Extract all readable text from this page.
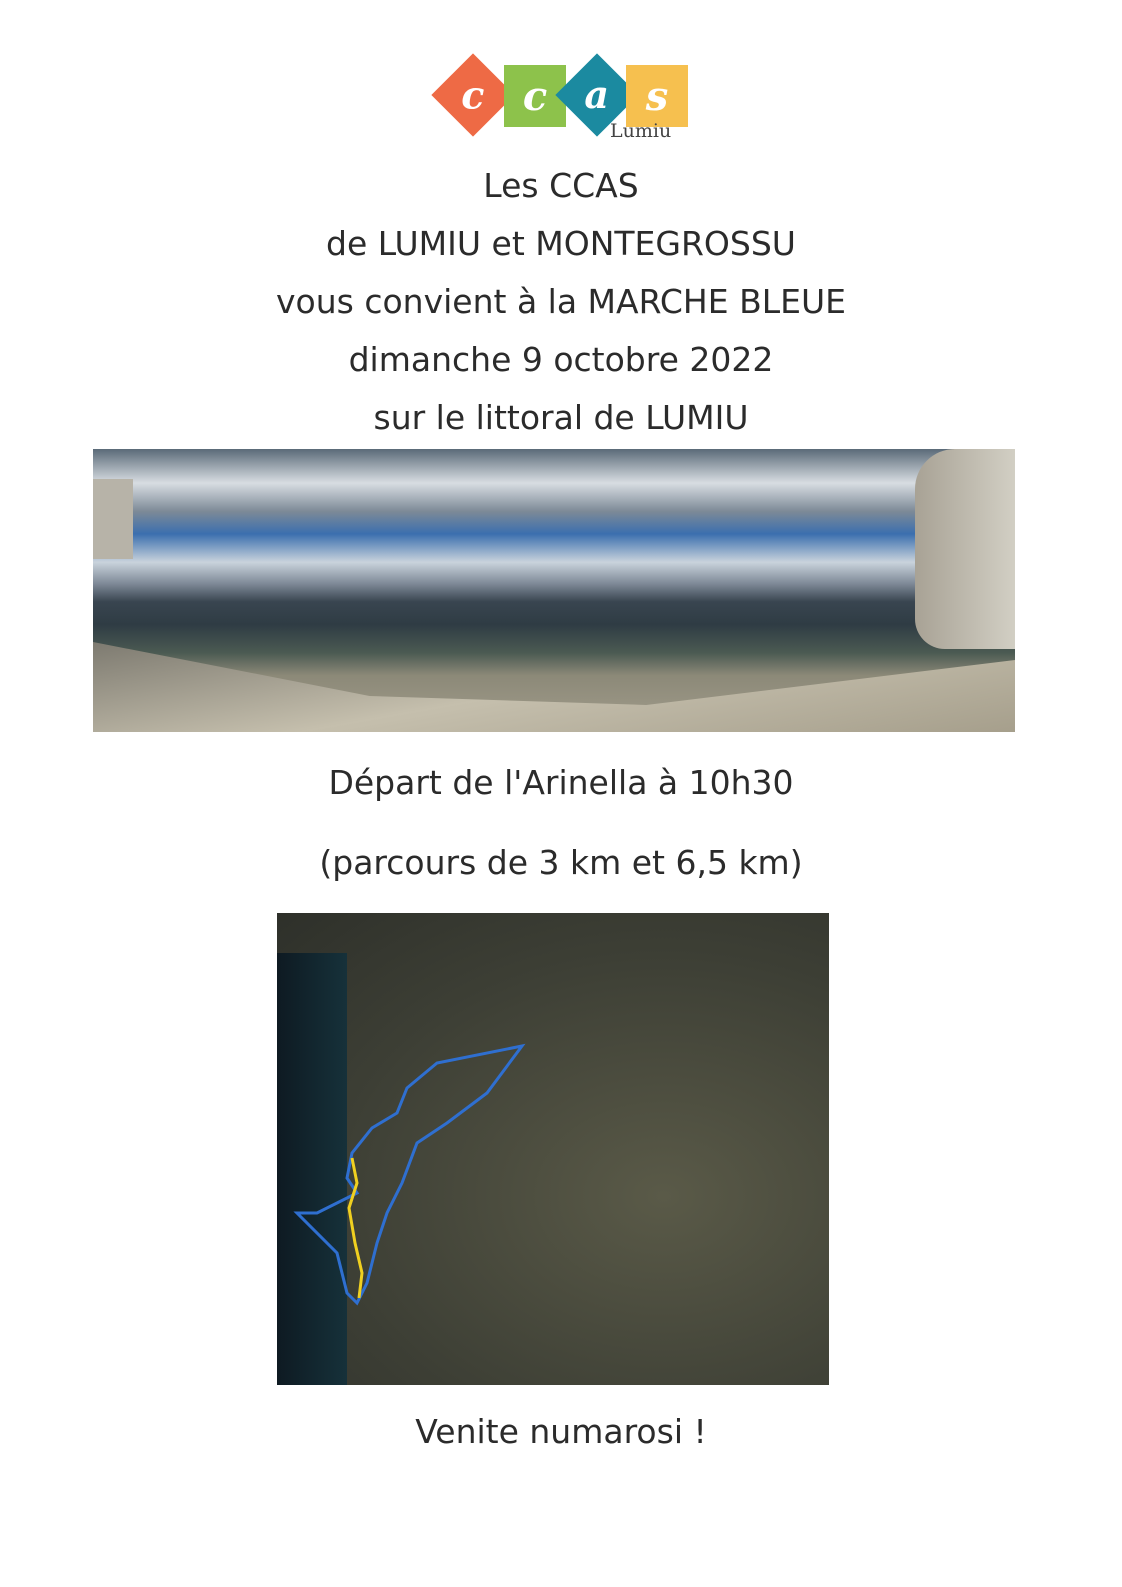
c c a s
Lumiu
Les CCAS
de LUMIU et MONTEGROSSU
vous convient à la MARCHE BLEUE
dimanche 9 octobre 2022
sur le littoral de LUMIU
Départ de l'Arinella à 10h30
(parcours de 3 km et 6,5 km)
Venite numarosi !
